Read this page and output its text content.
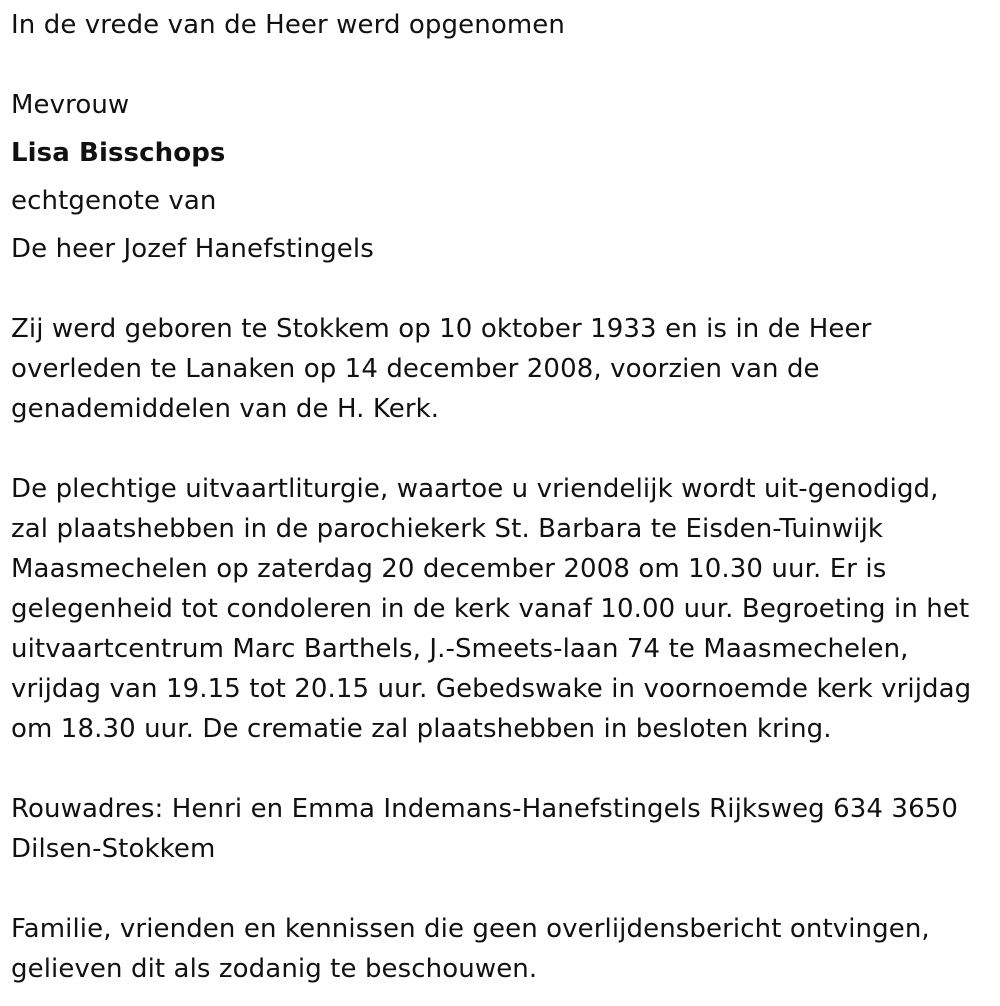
In de vrede van de Heer werd opgenomen
Mevrouw
Lisa Bisschops
echtgenote van
De heer Jozef Hanefstingels
Zij werd geboren te Stokkem op 10 oktober 1933 en is in de Heer
overleden te Lanaken op 14 december 2008, voorzien van de
genademiddelen van de H. Kerk.
De plechtige uitvaartliturgie, waartoe u vriendelijk wordt uit-genodigd,
zal plaatshebben in de parochiekerk St. Barbara te Eisden-Tuinwijk
Maasmechelen op zaterdag 20 december 2008 om 10.30 uur. Er is
gelegenheid tot condoleren in de kerk vanaf 10.00 uur. Begroeting in het
uitvaartcentrum Marc Barthels, J.-Smeets-laan 74 te Maasmechelen,
vrijdag van 19.15 tot 20.15 uur. Gebedswake in voornoemde kerk vrijdag
om 18.30 uur. De crematie zal plaatshebben in besloten kring.
Rouwadres: Henri en Emma Indemans-Hanefstingels Rijksweg 634 3650
Dilsen-Stokkem
Familie, vrienden en kennissen die geen overlijdensbericht ontvingen,
gelieven dit als zodanig te beschouwen.
